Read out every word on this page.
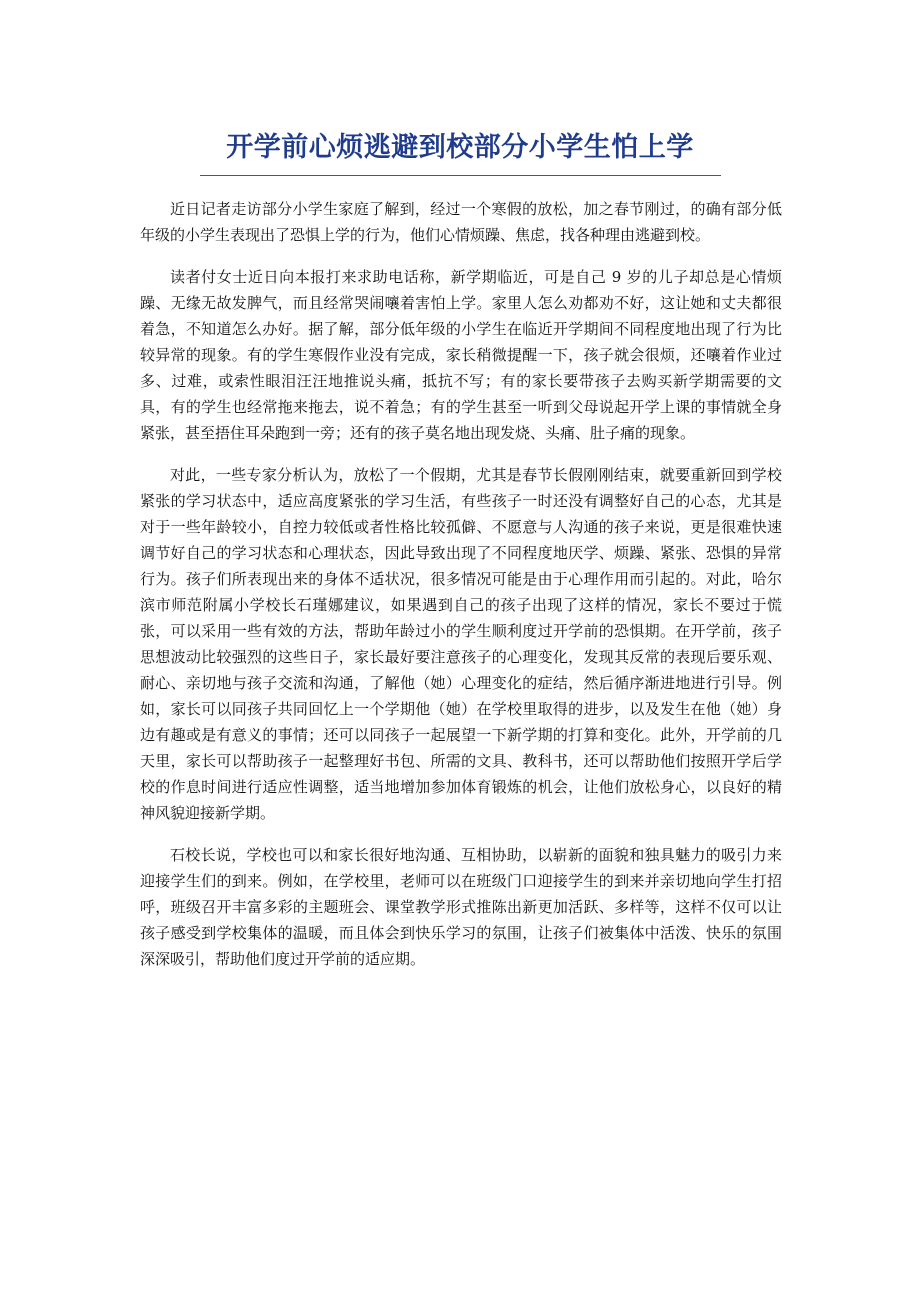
开学前心烦逃避到校部分小学生怕上学

近日记者走访部分小学生家庭了解到，经过一个寒假的放松，加之春节刚过，的确有部分低年级的小学生表现出了恐惧上学的行为，他们心情烦躁、焦虑，找各种理由逃避到校。

读者付女士近日向本报打来求助电话称，新学期临近，可是自己 9 岁的儿子却总是心情烦躁、无缘无故发脾气，而且经常哭闹嚷着害怕上学。家里人怎么劝都劝不好，这让她和丈夫都很着急，不知道怎么办好。据了解，部分低年级的小学生在临近开学期间不同程度地出现了行为比较异常的现象。有的学生寒假作业没有完成，家长稍微提醒一下，孩子就会很烦，还嚷着作业过多、过难，或索性眼泪汪汪地推说头痛，抵抗不写；有的家长要带孩子去购买新学期需要的文具，有的学生也经常拖来拖去，说不着急；有的学生甚至一听到父母说起开学上课的事情就全身紧张，甚至捂住耳朵跑到一旁；还有的孩子莫名地出现发烧、头痛、肚子痛的现象。

对此，一些专家分析认为，放松了一个假期，尤其是春节长假刚刚结束，就要重新回到学校紧张的学习状态中，适应高度紧张的学习生活，有些孩子一时还没有调整好自己的心态，尤其是对于一些年龄较小，自控力较低或者性格比较孤僻、不愿意与人沟通的孩子来说，更是很难快速调节好自己的学习状态和心理状态，因此导致出现了不同程度地厌学、烦躁、紧张、恐惧的异常行为。孩子们所表现出来的身体不适状况，很多情况可能是由于心理作用而引起的。对此，哈尔滨市师范附属小学校长石瑾娜建议，如果遇到自己的孩子出现了这样的情况，家长不要过于慌张，可以采用一些有效的方法，帮助年龄过小的学生顺利度过开学前的恐惧期。在开学前，孩子思想波动比较强烈的这些日子，家长最好要注意孩子的心理变化，发现其反常的表现后要乐观、耐心、亲切地与孩子交流和沟通，了解他（她）心理变化的症结，然后循序渐进地进行引导。例如，家长可以同孩子共同回忆上一个学期他（她）在学校里取得的进步，以及发生在他（她）身边有趣或是有意义的事情；还可以同孩子一起展望一下新学期的打算和变化。此外，开学前的几天里，家长可以帮助孩子一起整理好书包、所需的文具、教科书，还可以帮助他们按照开学后学校的作息时间进行适应性调整，适当地增加参加体育锻炼的机会，让他们放松身心，以良好的精神风貌迎接新学期。

石校长说，学校也可以和家长很好地沟通、互相协助，以崭新的面貌和独具魅力的吸引力来迎接学生们的到来。例如，在学校里，老师可以在班级门口迎接学生的到来并亲切地向学生打招呼，班级召开丰富多彩的主题班会、课堂教学形式推陈出新更加活跃、多样等，这样不仅可以让孩子感受到学校集体的温暖，而且体会到快乐学习的氛围，让孩子们被集体中活泼、快乐的氛围深深吸引，帮助他们度过开学前的适应期。
